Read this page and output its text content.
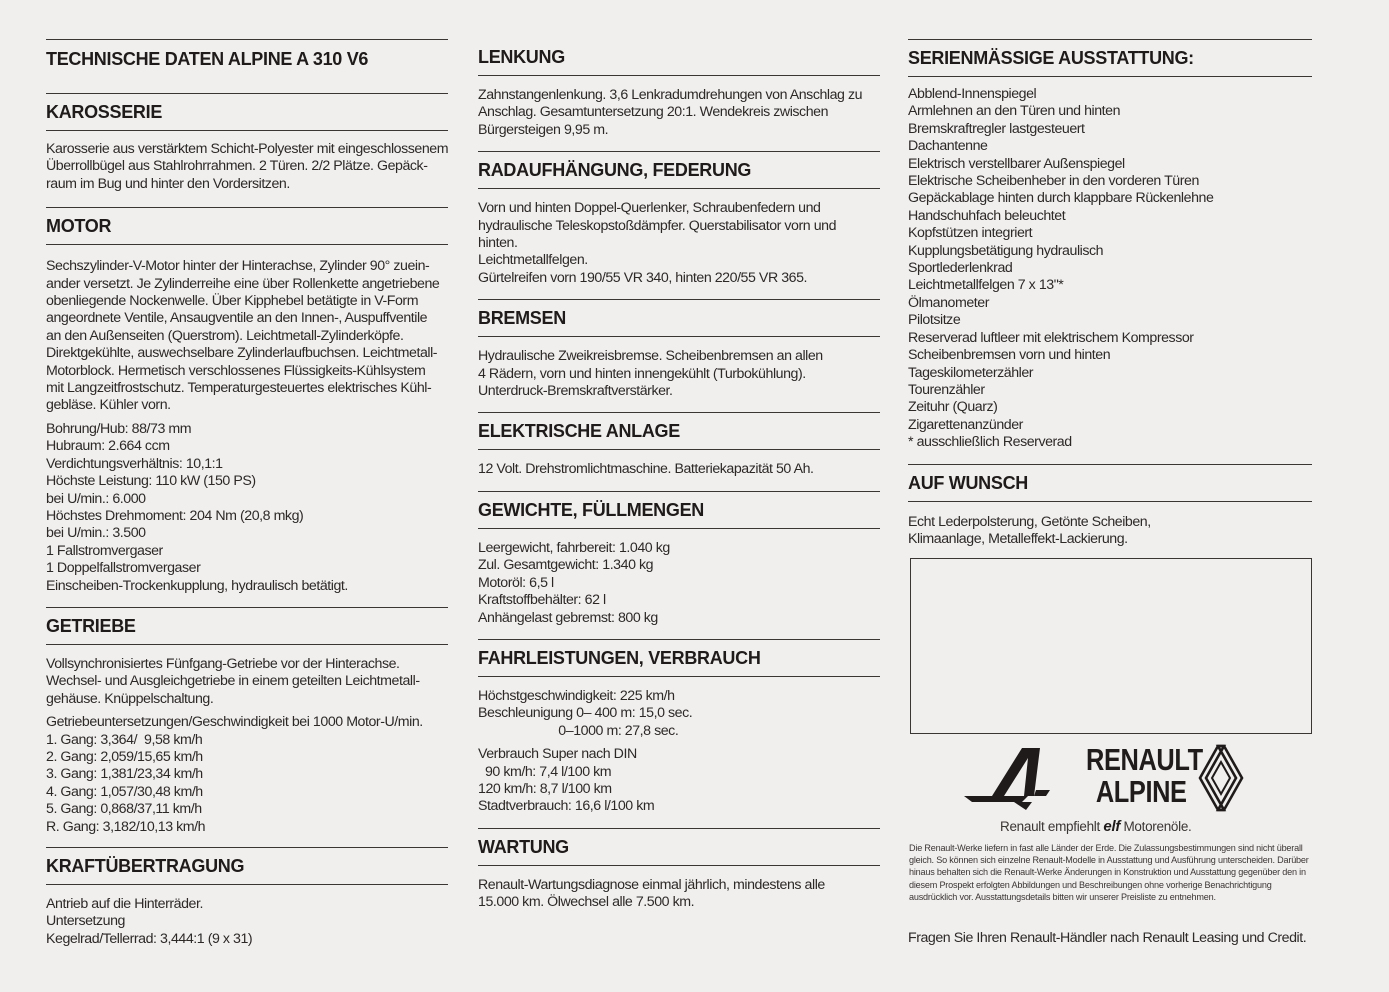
TECHNISCHE DATEN ALPINE A 310 V6
KAROSSERIE
Karosserie aus verstärktem Schicht-Polyester mit eingeschlossenem
Überrollbügel aus Stahlrohrrahmen. 2 Türen. 2/2 Plätze. Gepäck-
raum im Bug und hinter den Vordersitzen.
MOTOR
Sechszylinder-V-Motor hinter der Hinterachse, Zylinder 90° zuein-
ander versetzt. Je Zylinderreihe eine über Rollenkette angetriebene
obenliegende Nockenwelle. Über Kipphebel betätigte in V-Form
angeordnete Ventile, Ansaugventile an den Innen-, Auspuffventile
an den Außenseiten (Querstrom). Leichtmetall-Zylinderköpfe.
Direktgekühlte, auswechselbare Zylinderlaufbuchsen. Leichtmetall-
Motorblock. Hermetisch verschlossenes Flüssigkeits-Kühlsystem
mit Langzeitfrostschutz. Temperaturgesteuertes elektrisches Kühl-
gebläse. Kühler vorn.
Bohrung/Hub: 88/73 mm
Hubraum: 2.664 ccm
Verdichtungsverhältnis: 10,1:1
Höchste Leistung: 110 kW (150 PS)
bei U/min.: 6.000
Höchstes Drehmoment: 204 Nm (20,8 mkg)
bei U/min.: 3.500
1 Fallstromvergaser
1 Doppelfallstromvergaser
Einscheiben-Trockenkupplung, hydraulisch betätigt.
GETRIEBE
Vollsynchronisiertes Fünfgang-Getriebe vor der Hinterachse.
Wechsel- und Ausgleichgetriebe in einem geteilten Leichtmetall-
gehäuse. Knüppelschaltung.
Getriebeuntersetzungen/Geschwindigkeit bei 1000 Motor-U/min.
1. Gang: 3,364/  9,58 km/h
2. Gang: 2,059/15,65 km/h
3. Gang: 1,381/23,34 km/h
4. Gang: 1,057/30,48 km/h
5. Gang: 0,868/37,11 km/h
R. Gang: 3,182/10,13 km/h
KRAFTÜBERTRAGUNG
Antrieb auf die Hinterräder.
Untersetzung
Kegelrad/Tellerrad: 3,444:1 (9 x 31)
LENKUNG
Zahnstangenlenkung. 3,6 Lenkradumdrehungen von Anschlag zu
Anschlag. Gesamtuntersetzung 20:1. Wendekreis zwischen
Bürgersteigen 9,95 m.
RADAUFHÄNGUNG, FEDERUNG
Vorn und hinten Doppel-Querlenker, Schraubenfedern und
hydraulische Teleskopstoßdämpfer. Querstabilisator vorn und
hinten.
Leichtmetallfelgen.
Gürtelreifen vorn 190/55 VR 340, hinten 220/55 VR 365.
BREMSEN
Hydraulische Zweikreisbremse. Scheibenbremsen an allen
4 Rädern, vorn und hinten innengekühlt (Turbokühlung).
Unterdruck-Bremskraftverstärker.
ELEKTRISCHE ANLAGE
12 Volt. Drehstromlichtmaschine. Batteriekapazität 50 Ah.
GEWICHTE, FÜLLMENGEN
Leergewicht, fahrbereit: 1.040 kg
Zul. Gesamtgewicht: 1.340 kg
Motoröl: 6,5 l
Kraftstoffbehälter: 62 l
Anhängelast gebremst: 800 kg
FAHRLEISTUNGEN, VERBRAUCH
Höchstgeschwindigkeit: 225 km/h
Beschleunigung 0– 400 m: 15,0 sec.
0–1000 m: 27,8 sec.
Verbrauch Super nach DIN
90 km/h: 7,4 l/100 km
120 km/h: 8,7 l/100 km
Stadtverbrauch: 16,6 l/100 km
WARTUNG
Renault-Wartungsdiagnose einmal jährlich, mindestens alle
15.000 km. Ölwechsel alle 7.500 km.
SERIENMÄSSIGE AUSSTATTUNG:
Abblend-Innenspiegel
Armlehnen an den Türen und hinten
Bremskraftregler lastgesteuert
Dachantenne
Elektrisch verstellbarer Außenspiegel
Elektrische Scheibenheber in den vorderen Türen
Gepäckablage hinten durch klappbare Rückenlehne
Handschuhfach beleuchtet
Kopfstützen integriert
Kupplungsbetätigung hydraulisch
Sportlederlenkrad
Leichtmetallfelgen 7 x 13"*
Ölmanometer
Pilotsitze
Reserverad luftleer mit elektrischem Kompressor
Scheibenbremsen vorn und hinten
Tageskilometerzähler
Tourenzähler
Zeituhr (Quarz)
Zigarettenanzünder
* ausschließlich Reserverad
AUF WUNSCH
Echt Lederpolsterung, Getönte Scheiben,
Klimaanlage, Metalleffekt-Lackierung.
RENAULT
ALPINE
Renault empfiehlt elf Motorenöle.
Die Renault-Werke liefern in fast alle Länder der Erde. Die Zulassungsbestimmungen sind nicht überall gleich. So können sich einzelne Renault-Modelle in Ausstattung und Ausführung unterscheiden. Darüber hinaus behalten sich die Renault-Werke Änderungen in Konstruktion und Ausstattung gegenüber den in diesem Prospekt erfolgten Abbildungen und Beschreibungen ohne vorherige Benachrichtigung ausdrücklich vor. Ausstattungsdetails bitten wir unserer Preisliste zu entnehmen.
Fragen Sie Ihren Renault-Händler nach Renault Leasing und Credit.
